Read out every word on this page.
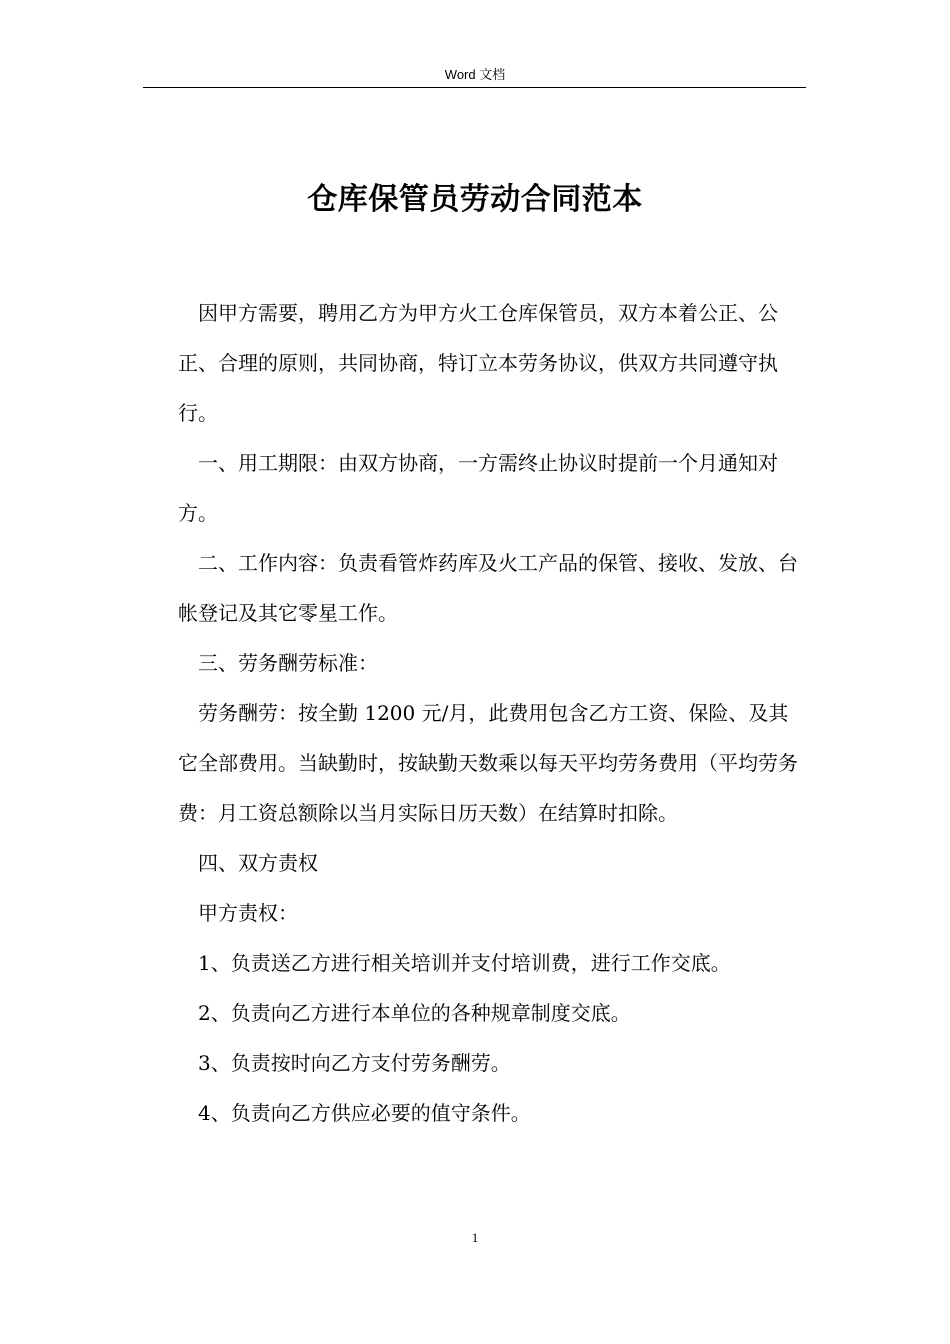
Word 文档
仓库保管员劳动合同范本

因甲方需要，聘用乙方为甲方火工仓库保管员，双方本着公正、公正、合理的原则，共同协商，特订立本劳务协议，供双方共同遵守执行。

一、用工期限：由双方协商，一方需终止协议时提前一个月通知对方。

二、工作内容：负责看管炸药库及火工产品的保管、接收、发放、台帐登记及其它零星工作。

三、劳务酬劳标准：

劳务酬劳：按全勤 1200 元/月，此费用包含乙方工资、保险、及其它全部费用。当缺勤时，按缺勤天数乘以每天平均劳务费用（平均劳务费：月工资总额除以当月实际日历天数）在结算时扣除。

四、双方责权

甲方责权：

1、负责送乙方进行相关培训并支付培训费，进行工作交底。

2、负责向乙方进行本单位的各种规章制度交底。

3、负责按时向乙方支付劳务酬劳。

4、负责向乙方供应必要的值守条件。

1
